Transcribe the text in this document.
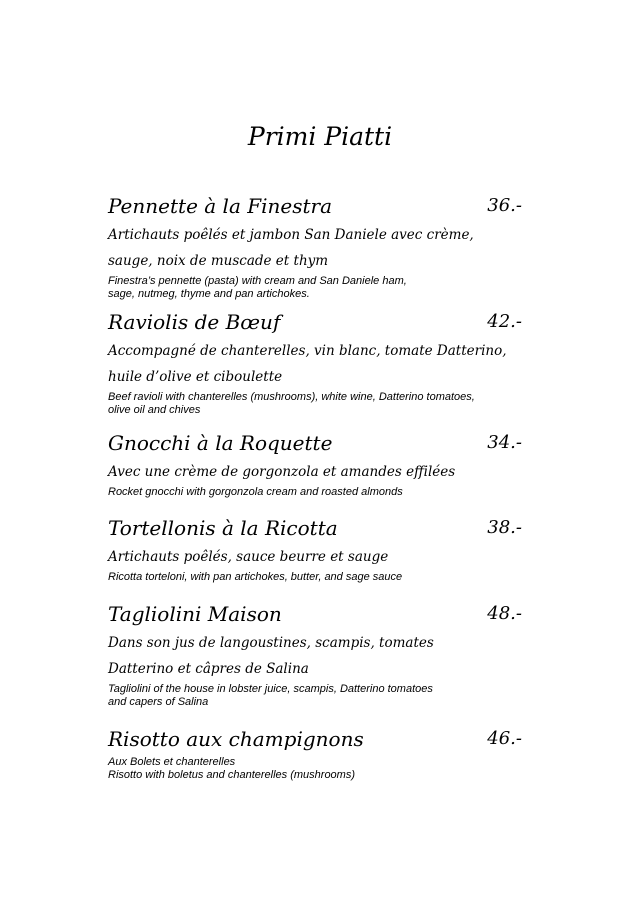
Primi Piatti
Pennette à la Finestra	36.-
Artichauts poêlés et jambon San Daniele avec crème,
sauge, noix de muscade et thym
Finestra’s pennette (pasta) with cream and San Daniele ham,
sage, nutmeg, thyme and pan artichokes.
Raviolis de Bœuf	42.-
Accompagné de chanterelles, vin blanc, tomate Datterino,
huile d’olive et ciboulette
Beef ravioli with chanterelles (mushrooms), white wine, Datterino tomatoes,
olive oil and chives
Gnocchi à la Roquette	34.-
Avec une crème de gorgonzola et amandes effilées
Rocket gnocchi with gorgonzola cream and roasted almonds
Tortellonis à la Ricotta	38.-
Artichauts poêlés, sauce beurre et sauge
Ricotta torteloni, with pan artichokes, butter, and sage sauce
Tagliolini Maison	48.-
Dans son jus de langoustines, scampis, tomates
Datterino et câpres de Salina
Tagliolini of the house in lobster juice, scampis, Datterino tomatoes
and capers of Salina
Risotto aux champignons	46.-
Aux Bolets et chanterelles
Risotto with boletus and chanterelles (mushrooms)
